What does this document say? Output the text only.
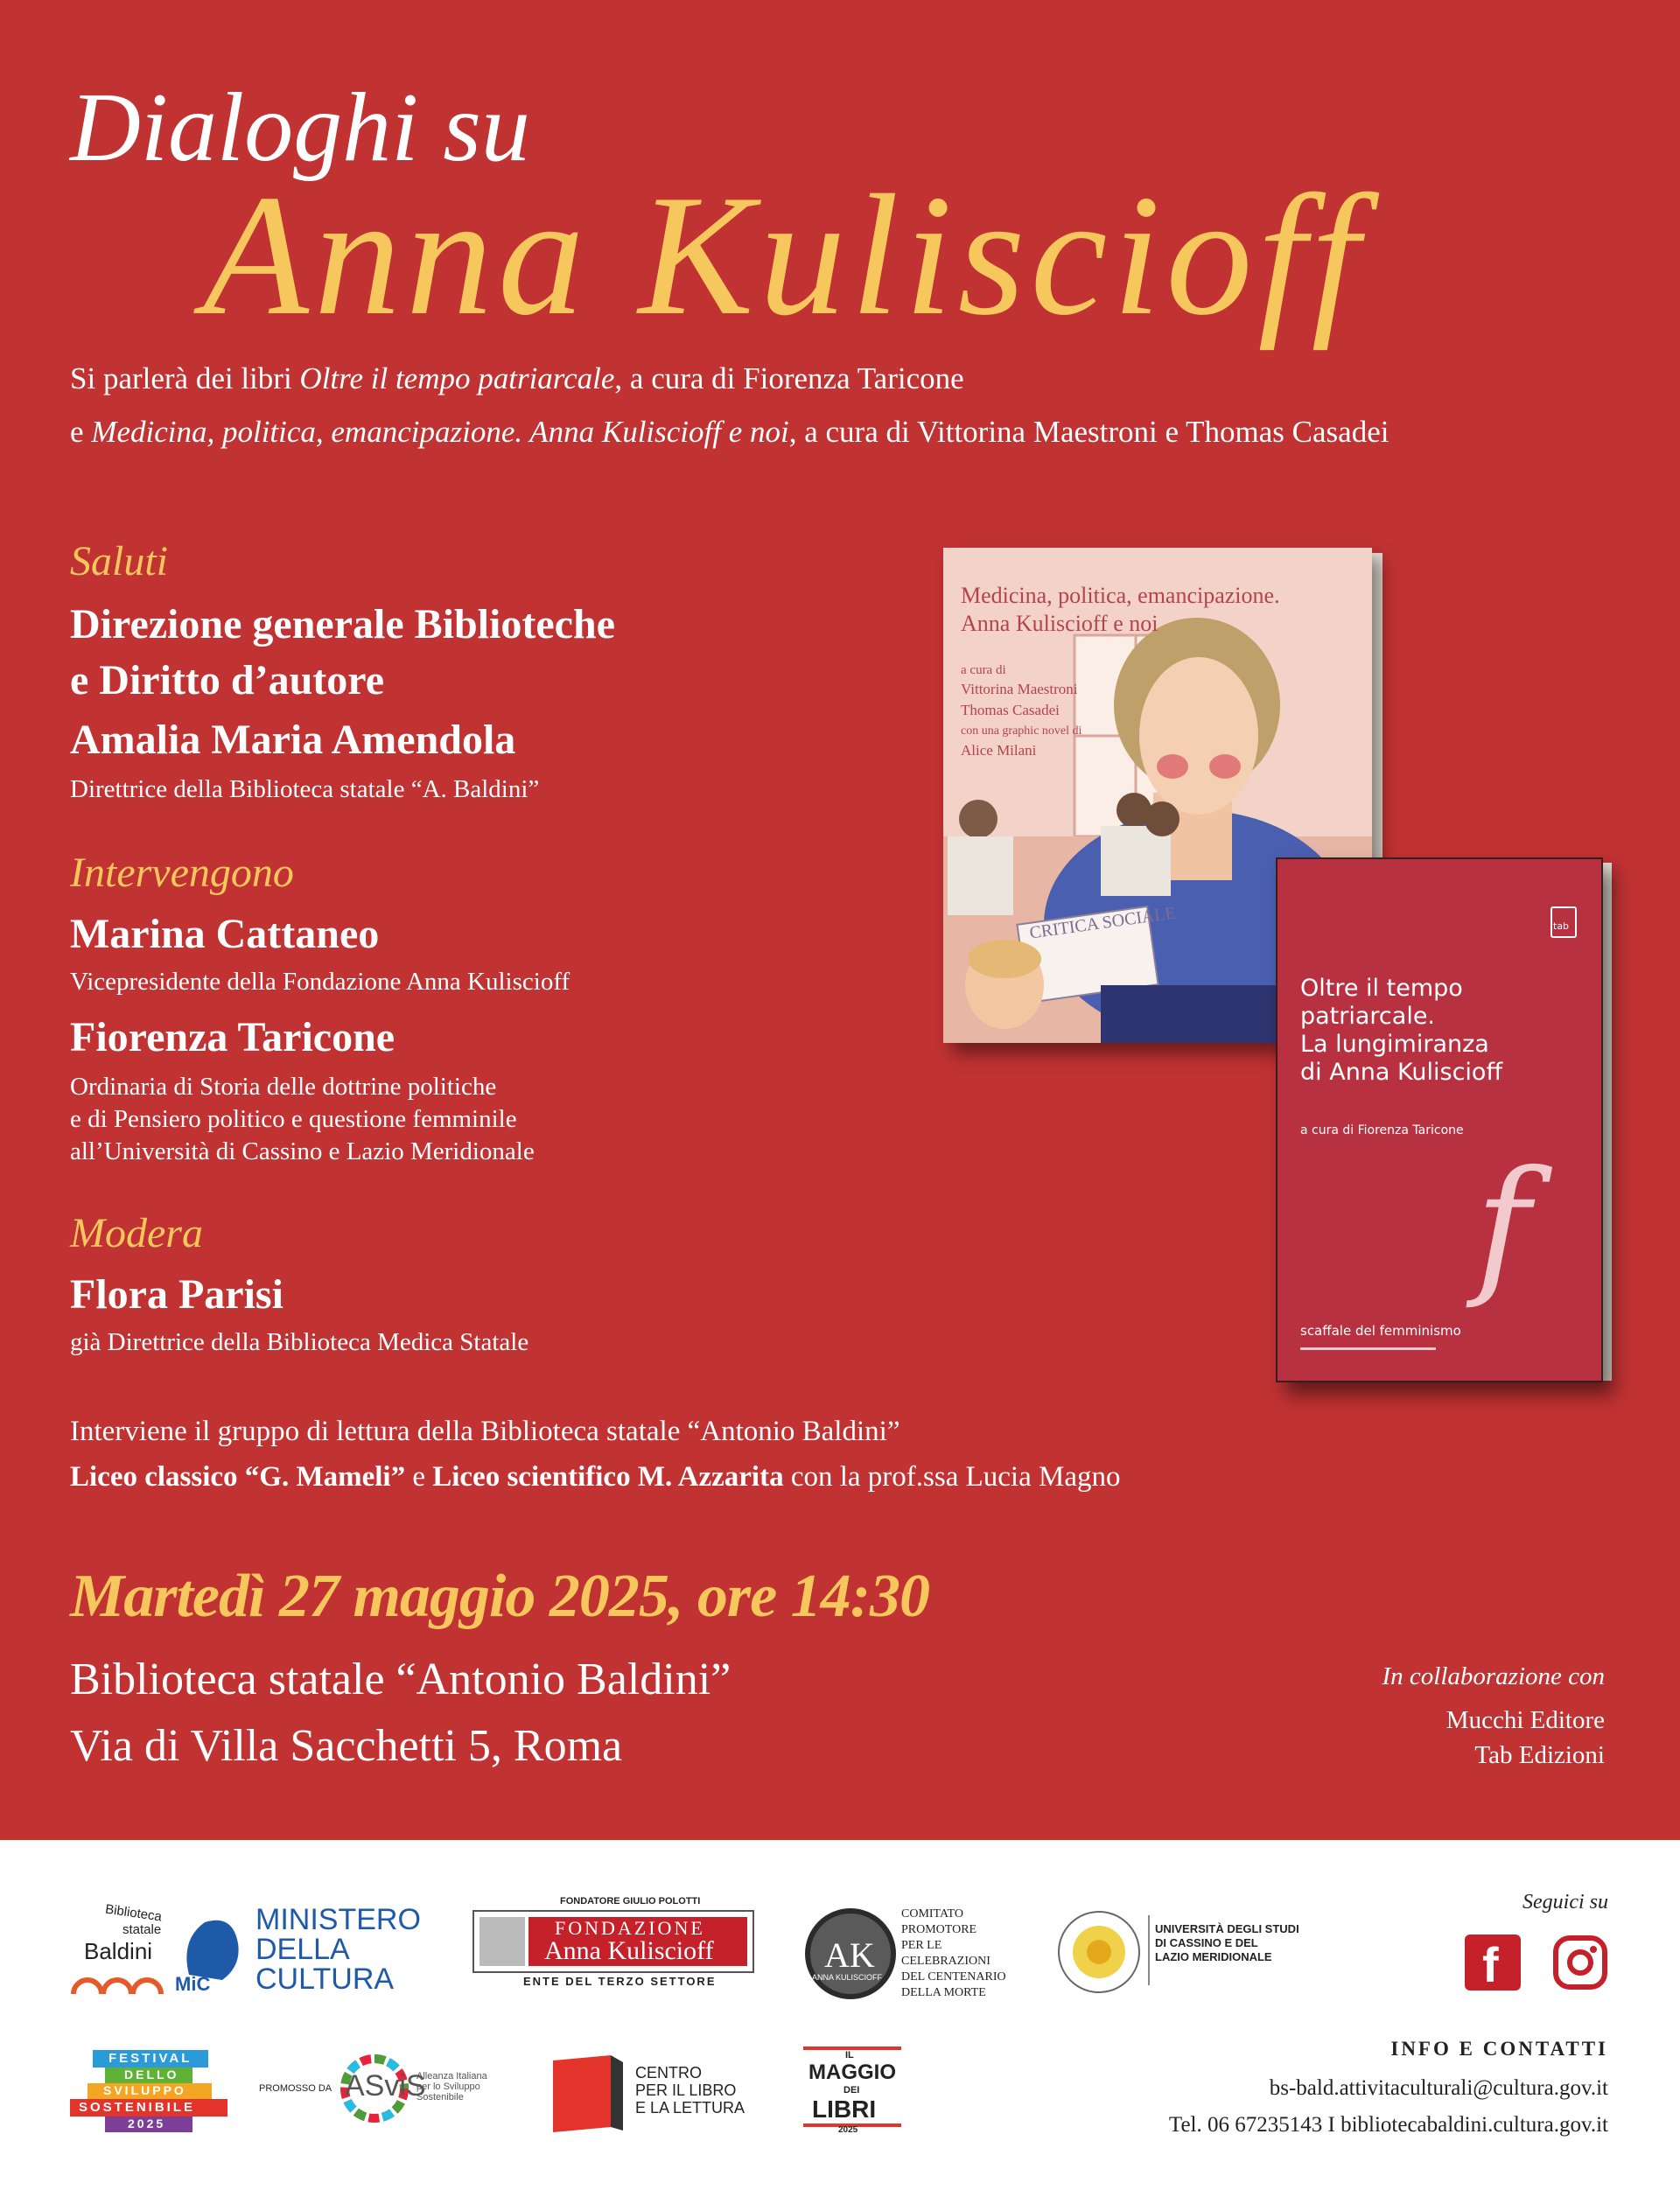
Dialoghi su
Anna Kuliscioff
Si parlerà dei libri Oltre il tempo patriarcale, a cura di Fiorenza Taricone
e Medicina, politica, emancipazione. Anna Kuliscioff e noi, a cura di Vittorina Maestroni e Thomas Casadei
Saluti
Direzione generale Biblioteche
e Diritto d’autore
Amalia Maria Amendola
Direttrice della Biblioteca statale “A. Baldini”
Intervengono
Marina Cattaneo
Vicepresidente della Fondazione Anna Kuliscioff
Fiorenza Taricone
Ordinaria di Storia delle dottrine politiche
e di Pensiero politico e questione femminile
all’Università di Cassino e Lazio Meridionale
Modera
Flora Parisi
già Direttrice della Biblioteca Medica Statale
Interviene il gruppo di lettura della Biblioteca statale “Antonio Baldini”
Liceo classico “G. Mameli” e Liceo scientifico M. Azzarita con la prof.ssa Lucia Magno
Martedì 27 maggio 2025, ore 14:30
Biblioteca statale “Antonio Baldini”
Via di Villa Sacchetti 5, Roma
In collaborazione con
Mucchi Editore
Tab Edizioni
Medicina, politica, emancipazione.
Anna Kuliscioff e noi
a cura di
Vittorina Maestroni
Thomas Casadei
con una graphic novel di
Alice Milani
CRITICA SOCIALE	tab
Oltre il tempo
patriarcale.
La lungimiranza
di Anna Kuliscioff
a cura di Fiorenza Taricone
f
scaffale del femminismo
Biblioteca
statale
Baldini
MiC
MINISTERO
DELLA
CULTURA
FONDATORE GIULIO POLOTTI
FONDAZIONE
Anna Kuliscioff
ENTE DEL TERZO SETTORE
AK
ANNA KULISCIOFF
COMITATO
PROMOTORE
PER LE
CELEBRAZIONI
DEL CENTENARIO
DELLA MORTE
UNIVERSITÀ DEGLI STUDI
DI CASSINO E DEL
LAZIO MERIDIONALE
Seguici su
f
FESTIVAL
DELLO
SVILUPPO
SOSTENIBILE
2025
PROMOSSO DA ASviS
Alleanza Italiana
per lo Sviluppo
Sostenibile
CENTRO
PER IL LIBRO
E LA LETTURA
IL
MAGGIO
DEI
LIBRI
2025
INFO E CONTATTI
bs-bald.attivitaculturali@cultura.gov.it
Tel. 06 67235143 I bibliotecabaldini.cultura.gov.it
